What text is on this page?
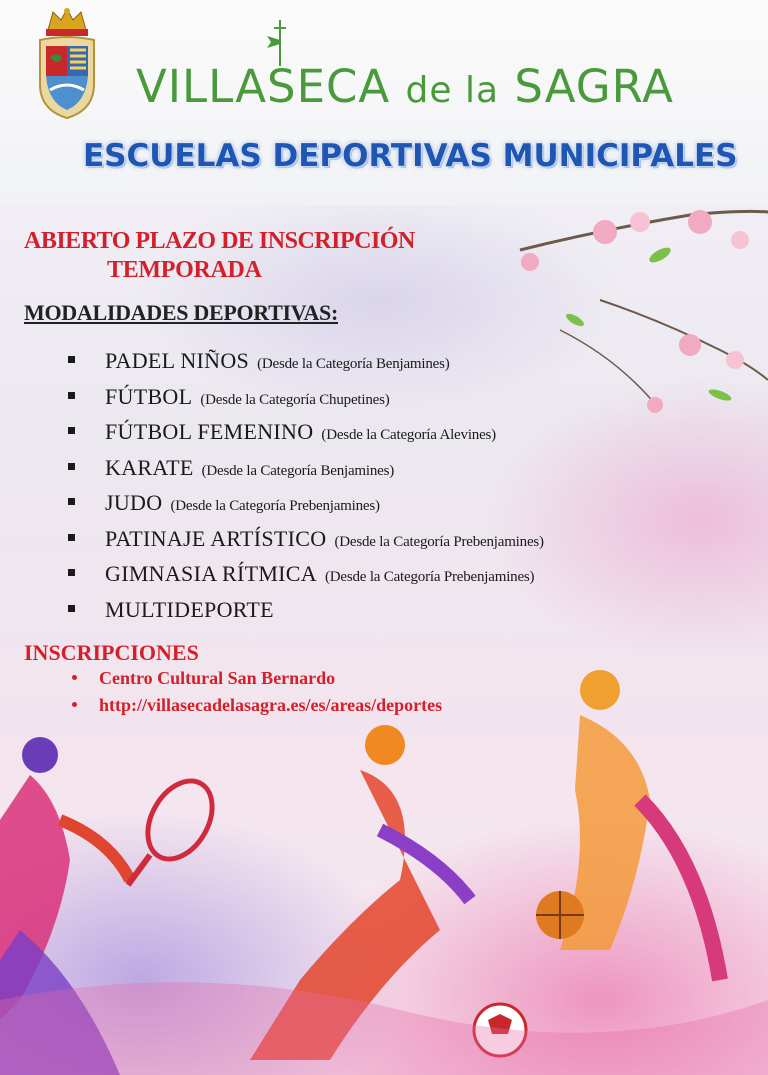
VILLASECA de la SAGRA
ESCUELAS DEPORTIVAS MUNICIPALES
ABIERTO PLAZO DE INSCRIPCIÓN
TEMPORADA
MODALIDADES DEPORTIVAS:
PADEL NIÑOS (Desde la Categoría Benjamines)
FÚTBOL (Desde la Categoría Chupetines)
FÚTBOL FEMENINO (Desde la Categoría Alevines)
KARATE (Desde la Categoría Benjamines)
JUDO (Desde la Categoría Prebenjamines)
PATINAJE ARTÍSTICO (Desde la Categoría Prebenjamines)
GIMNASIA RÍTMICA (Desde la Categoría Prebenjamines)
MULTIDEPORTE
INSCRIPCIONES
Centro Cultural San Bernardo
http://villasecadelasagra.es/es/areas/deportes
